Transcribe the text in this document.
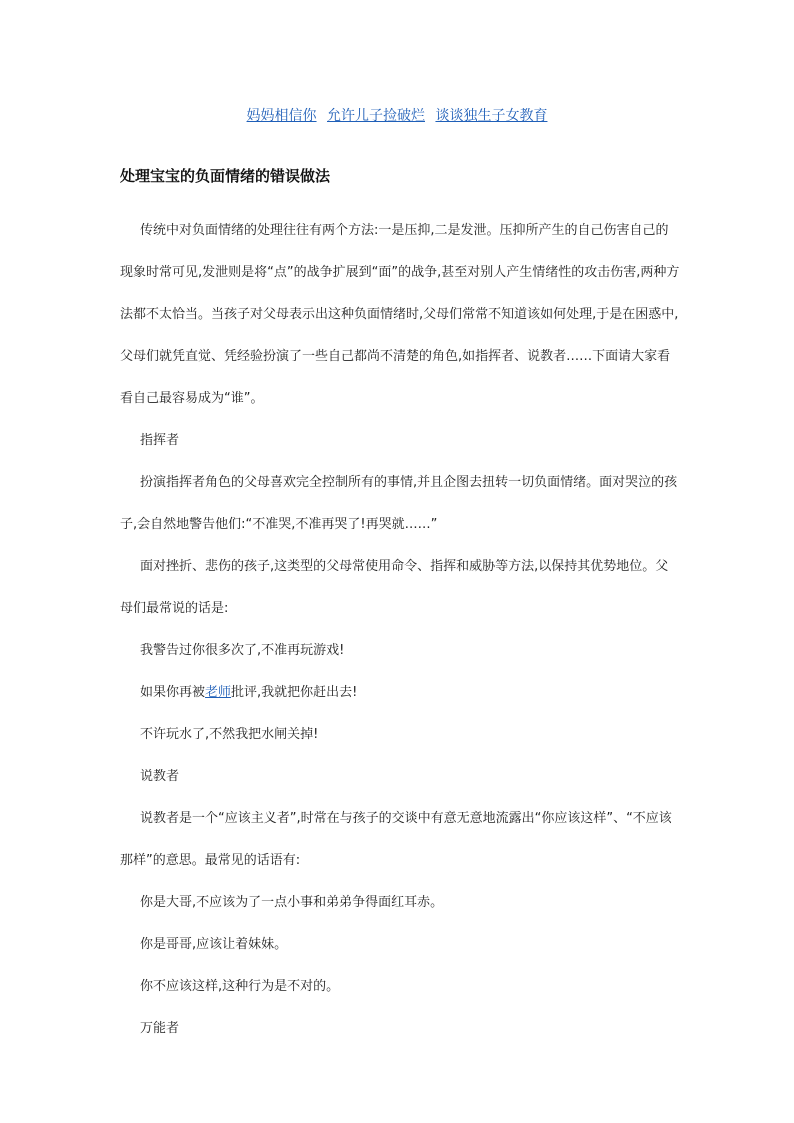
妈妈相信你 允许儿子捡破烂 谈谈独生子女教育
处理宝宝的负面情绪的错误做法

传统中对负面情绪的处理往往有两个方法:一是压抑,二是发泄。压抑所产生的自己伤害自己的现象时常可见,发泄则是将“点”的战争扩展到“面”的战争,甚至对别人产生情绪性的攻击伤害,两种方法都不太恰当。当孩子对父母表示出这种负面情绪时,父母们常常不知道该如何处理,于是在困惑中,父母们就凭直觉、凭经验扮演了一些自己都尚不清楚的角色,如指挥者、说教者……下面请大家看看自己最容易成为“谁”。

指挥者

扮演指挥者角色的父母喜欢完全控制所有的事情,并且企图去扭转一切负面情绪。面对哭泣的孩子,会自然地警告他们:“不准哭,不准再哭了!再哭就……”

面对挫折、悲伤的孩子,这类型的父母常使用命令、指挥和威胁等方法,以保持其优势地位。父母们最常说的话是:

我警告过你很多次了,不准再玩游戏!

如果你再被老师批评,我就把你赶出去!

不许玩水了,不然我把水闸关掉!

说教者

说教者是一个“应该主义者”,时常在与孩子的交谈中有意无意地流露出“你应该这样”、“不应该那样”的意思。最常见的话语有:

你是大哥,不应该为了一点小事和弟弟争得面红耳赤。

你是哥哥,应该让着妹妹。

你不应该这样,这种行为是不对的。

万能者
